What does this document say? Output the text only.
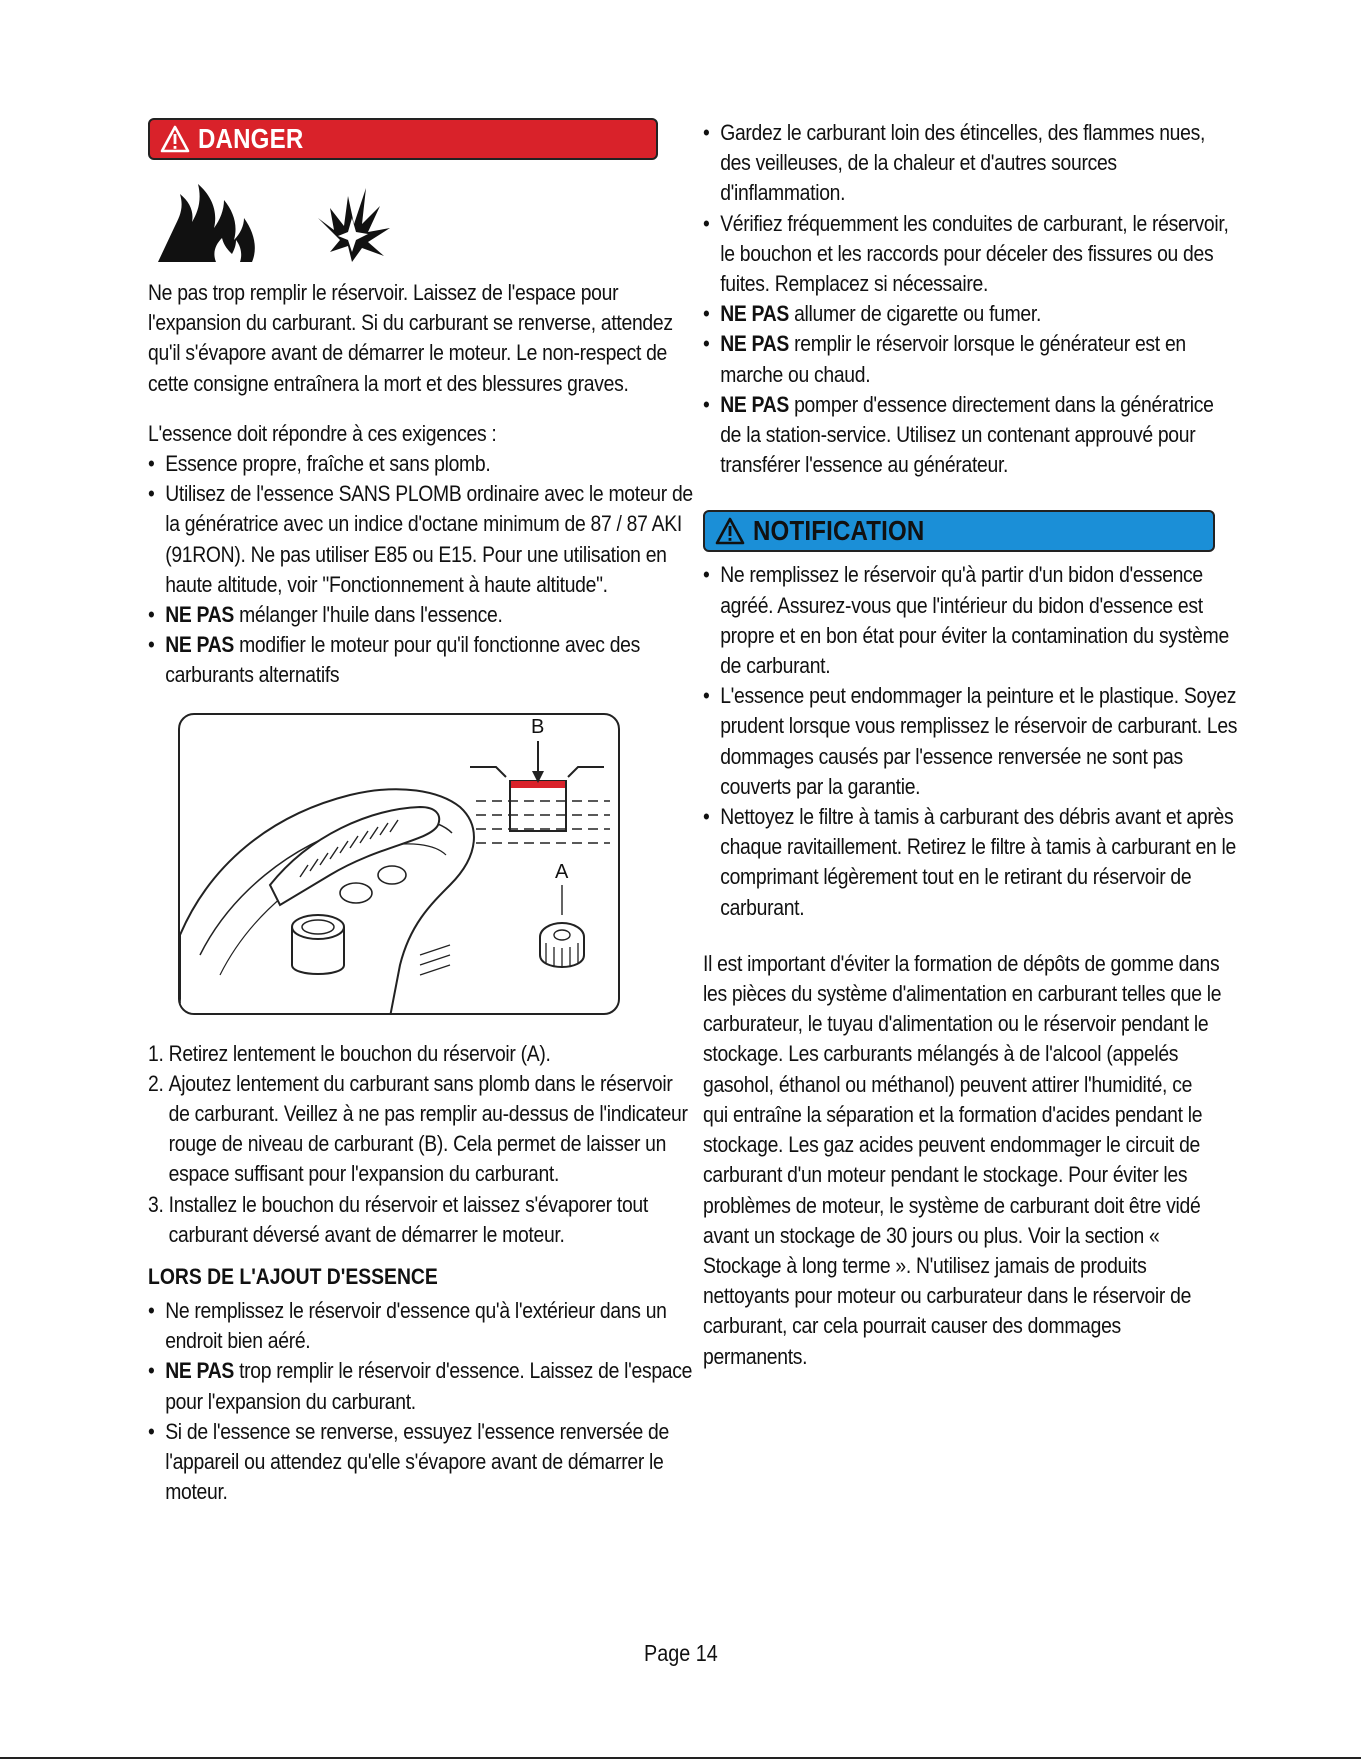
DANGER

Ne pas trop remplir le réservoir. Laissez de l'espace pour l'expansion du carburant. Si du carburant se renverse, attendez qu'il s'évapore avant de démarrer le moteur. Le non-respect de cette consigne entraînera la mort et des blessures graves.

L'essence doit répondre à ces exigences :

• Essence propre, fraîche et sans plomb.
• Utilisez de l'essence SANS PLOMB ordinaire avec le moteur de la génératrice avec un indice d'octane minimum de 87 / 87 AKI (91RON). Ne pas utiliser E85 ou E15. Pour une utilisation en haute altitude, voir "Fonctionnement à haute altitude".
• NE PAS mélanger l'huile dans l'essence.
• NE PAS modifier le moteur pour qu'il fonctionne avec des carburants alternatifs
B
A
1. Retirez lentement le bouchon du réservoir (A).
2. Ajoutez lentement du carburant sans plomb dans le réservoir de carburant. Veillez à ne pas remplir au-dessus de l'indicateur rouge de niveau de carburant (B). Cela permet de laisser un espace suffisant pour l'expansion du carburant.
3. Installez le bouchon du réservoir et laissez s'évaporer tout carburant déversé avant de démarrer le moteur.
LORS DE L'AJOUT D'ESSENCE
• Ne remplissez le réservoir d'essence qu'à l'extérieur dans un endroit bien aéré.
• NE PAS trop remplir le réservoir d'essence. Laissez de l'espace pour l'expansion du carburant.
• Si de l'essence se renverse, essuyez l'essence renversée de l'appareil ou attendez qu'elle s'évapore avant de démarrer le moteur.
• Gardez le carburant loin des étincelles, des flammes nues, des veilleuses, de la chaleur et d'autres sources d'inflammation.
• Vérifiez fréquemment les conduites de carburant, le réservoir, le bouchon et les raccords pour déceler des fissures ou des fuites. Remplacez si nécessaire.
• NE PAS allumer de cigarette ou fumer.
• NE PAS remplir le réservoir lorsque le générateur est en marche ou chaud.
• NE PAS pomper d'essence directement dans la génératrice de la station-service. Utilisez un contenant approuvé pour transférer l'essence au générateur.
NOTIFICATION
• Ne remplissez le réservoir qu'à partir d'un bidon d'essence agréé. Assurez-vous que l'intérieur du bidon d'essence est propre et en bon état pour éviter la contamination du système de carburant.
• L'essence peut endommager la peinture et le plastique. Soyez prudent lorsque vous remplissez le réservoir de carburant. Les dommages causés par l'essence renversée ne sont pas couverts par la garantie.
• Nettoyez le filtre à tamis à carburant des débris avant et après chaque ravitaillement. Retirez le filtre à tamis à carburant en le comprimant légèrement tout en le retirant du réservoir de carburant.

Il est important d'éviter la formation de dépôts de gomme dans les pièces du système d'alimentation en carburant telles que le carburateur, le tuyau d'alimentation ou le réservoir pendant le stockage. Les carburants mélangés à de l'alcool (appelés gasohol, éthanol ou méthanol) peuvent attirer l'humidité, ce qui entraîne la séparation et la formation d'acides pendant le stockage. Les gaz acides peuvent endommager le circuit de carburant d'un moteur pendant le stockage. Pour éviter les problèmes de moteur, le système de carburant doit être vidé avant un stockage de 30 jours ou plus. Voir la section « Stockage à long terme ». N'utilisez jamais de produits nettoyants pour moteur ou carburateur dans le réservoir de carburant, car cela pourrait causer des dommages permanents.

Page 14
